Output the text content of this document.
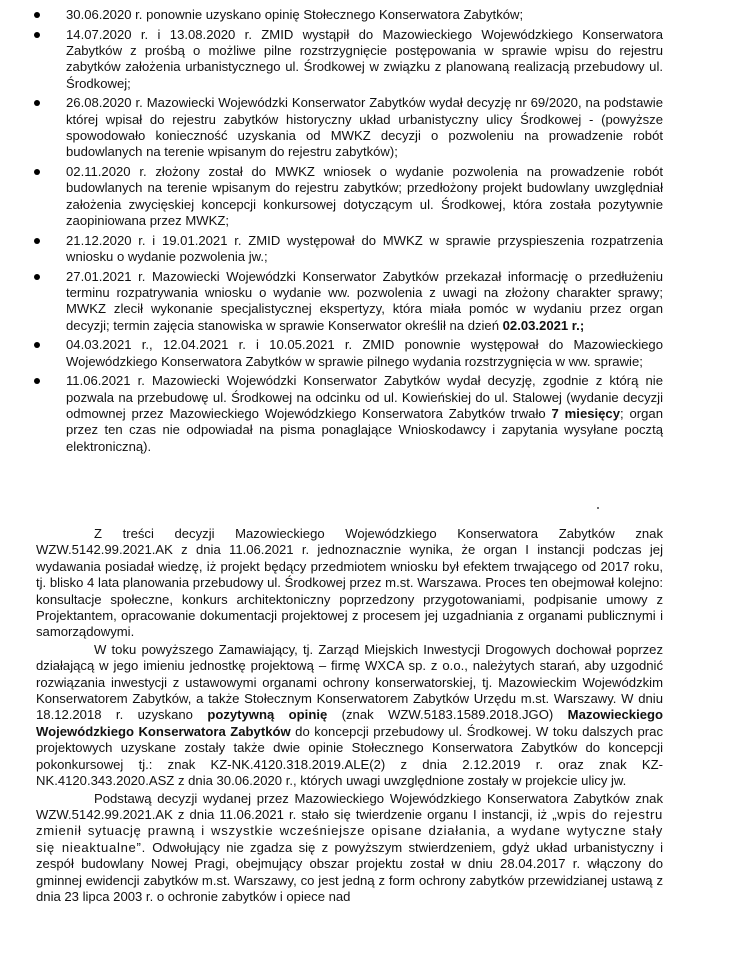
30.06.2020 r. ponownie uzyskano opinię Stołecznego Konserwatora Zabytków;
14.07.2020 r. i 13.08.2020 r. ZMID wystąpił do Mazowieckiego Wojewódzkiego Konserwatora Zabytków z prośbą o możliwe pilne rozstrzygnięcie postępowania w sprawie wpisu do rejestru zabytków założenia urbanistycznego ul. Środkowej w związku z planowaną realizacją przebudowy ul. Środkowej;
26.08.2020 r. Mazowiecki Wojewódzki Konserwator Zabytków wydał decyzję nr 69/2020, na podstawie której wpisał do rejestru zabytków historyczny układ urbanistyczny ulicy Środkowej - (powyższe spowodowało konieczność uzyskania od MWKZ decyzji o pozwoleniu na prowadzenie robót budowlanych na terenie wpisanym do rejestru zabytków);
02.11.2020 r. złożony został do MWKZ wniosek o wydanie pozwolenia na prowadzenie robót budowlanych na terenie wpisanym do rejestru zabytków; przedłożony projekt budowlany uwzględniał założenia zwycięskiej koncepcji konkursowej dotyczącym ul. Środkowej, która została pozytywnie zaopiniowana przez MWKZ;
21.12.2020 r. i 19.01.2021 r. ZMID występował do MWKZ w sprawie przyspieszenia rozpatrzenia wniosku o wydanie pozwolenia jw.;
27.01.2021 r. Mazowiecki Wojewódzki Konserwator Zabytków przekazał informację o przedłużeniu terminu rozpatrywania wniosku o wydanie ww. pozwolenia z uwagi na złożony charakter sprawy; MWKZ zlecił wykonanie specjalistycznej ekspertyzy, która miała pomóc w wydaniu przez organ decyzji; termin zajęcia stanowiska w sprawie Konserwator określił na dzień 02.03.2021 r.;
04.03.2021 r., 12.04.2021 r. i 10.05.2021 r. ZMID ponownie występował do Mazowieckiego Wojewódzkiego Konserwatora Zabytków w sprawie pilnego wydania rozstrzygnięcia w ww. sprawie;
11.06.2021 r. Mazowiecki Wojewódzki Konserwator Zabytków wydał decyzję, zgodnie z którą nie pozwala na przebudowę ul. Środkowej na odcinku od ul. Kowieńskiej do ul. Stalowej (wydanie decyzji odmownej przez Mazowieckiego Wojewódzkiego Konserwatora Zabytków trwało 7 miesięcy; organ przez ten czas nie odpowiadał na pisma ponaglające Wnioskodawcy i zapytania wysyłane pocztą elektroniczną).

Z treści decyzji Mazowieckiego Wojewódzkiego Konserwatora Zabytków znak WZW.5142.99.2021.AK z dnia 11.06.2021 r. jednoznacznie wynika, że organ I instancji podczas jej wydawania posiadał wiedzę, iż projekt będący przedmiotem wniosku był efektem trwającego od 2017 roku, tj. blisko 4 lata planowania przebudowy ul. Środkowej przez m.st. Warszawa. Proces ten obejmował kolejno: konsultacje społeczne, konkurs architektoniczny poprzedzony przygotowaniami, podpisanie umowy z Projektantem, opracowanie dokumentacji projektowej z procesem jej uzgadniania z organami publicznymi i samorządowymi.

W toku powyższego Zamawiający, tj. Zarząd Miejskich Inwestycji Drogowych dochował poprzez działającą w jego imieniu jednostkę projektową – firmę WXCA sp. z o.o., należytych starań, aby uzgodnić rozwiązania inwestycji z ustawowymi organami ochrony konserwatorskiej, tj. Mazowieckim Wojewódzkim Konserwatorem Zabytków, a także Stołecznym Konserwatorem Zabytków Urzędu m.st. Warszawy. W dniu 18.12.2018 r. uzyskano pozytywną opinię (znak WZW.5183.1589.2018.JGO) Mazowieckiego Wojewódzkiego Konserwatora Zabytków do koncepcji przebudowy ul. Środkowej. W toku dalszych prac projektowych uzyskane zostały także dwie opinie Stołecznego Konserwatora Zabytków do koncepcji pokonkursowej tj.: znak KZ-NK.4120.318.2019.ALE(2) z dnia 2.12.2019 r. oraz znak KZ-NK.4120.343.2020.ASZ z dnia 30.06.2020 r., których uwagi uwzględnione zostały w projekcie ulicy jw.

Podstawą decyzji wydanej przez Mazowieckiego Wojewódzkiego Konserwatora Zabytków znak WZW.5142.99.2021.AK z dnia 11.06.2021 r. stało się twierdzenie organu I instancji, iż „wpis do rejestru zmienił sytuację prawną i wszystkie wcześniejsze opisane działania, a wydane wytyczne stały się nieaktualne”. Odwołujący nie zgadza się z powyższym stwierdzeniem, gdyż układ urbanistyczny i zespół budowlany Nowej Pragi, obejmujący obszar projektu został w dniu 28.04.2017 r. włączony do gminnej ewidencji zabytków m.st. Warszawy, co jest jedną z form ochrony zabytków przewidzianej ustawą z dnia 23 lipca 2003 r. o ochronie zabytków i opiece nad
